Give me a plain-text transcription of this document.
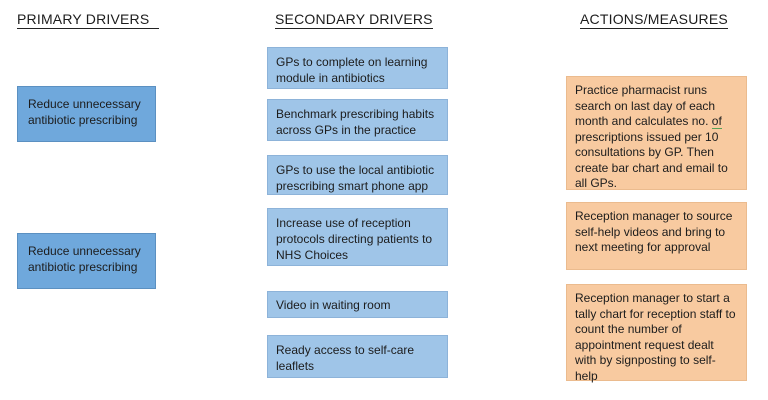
PRIMARY DRIVERS	SECONDARY DRIVERS	ACTIONS/MEASURES
Reduce unnecessary antibiotic prescribing
Reduce unnecessary antibiotic prescribing
GPs to complete on learning module in antibiotics
Benchmark prescribing habits across GPs in the practice
GPs to use the local antibiotic prescribing smart phone app
Increase use of reception protocols directing patients to NHS Choices
Video in waiting room
Ready access to self-care leaflets
Practice pharmacist runs search on last day of each month and calculates no. of prescriptions issued per 10 consultations by GP. Then create bar chart and email to all GPs.
Reception manager to source self-help videos and bring to next meeting for approval
Reception manager to start a tally chart for reception staff to count the number of appointment request dealt with by signposting to self-help
